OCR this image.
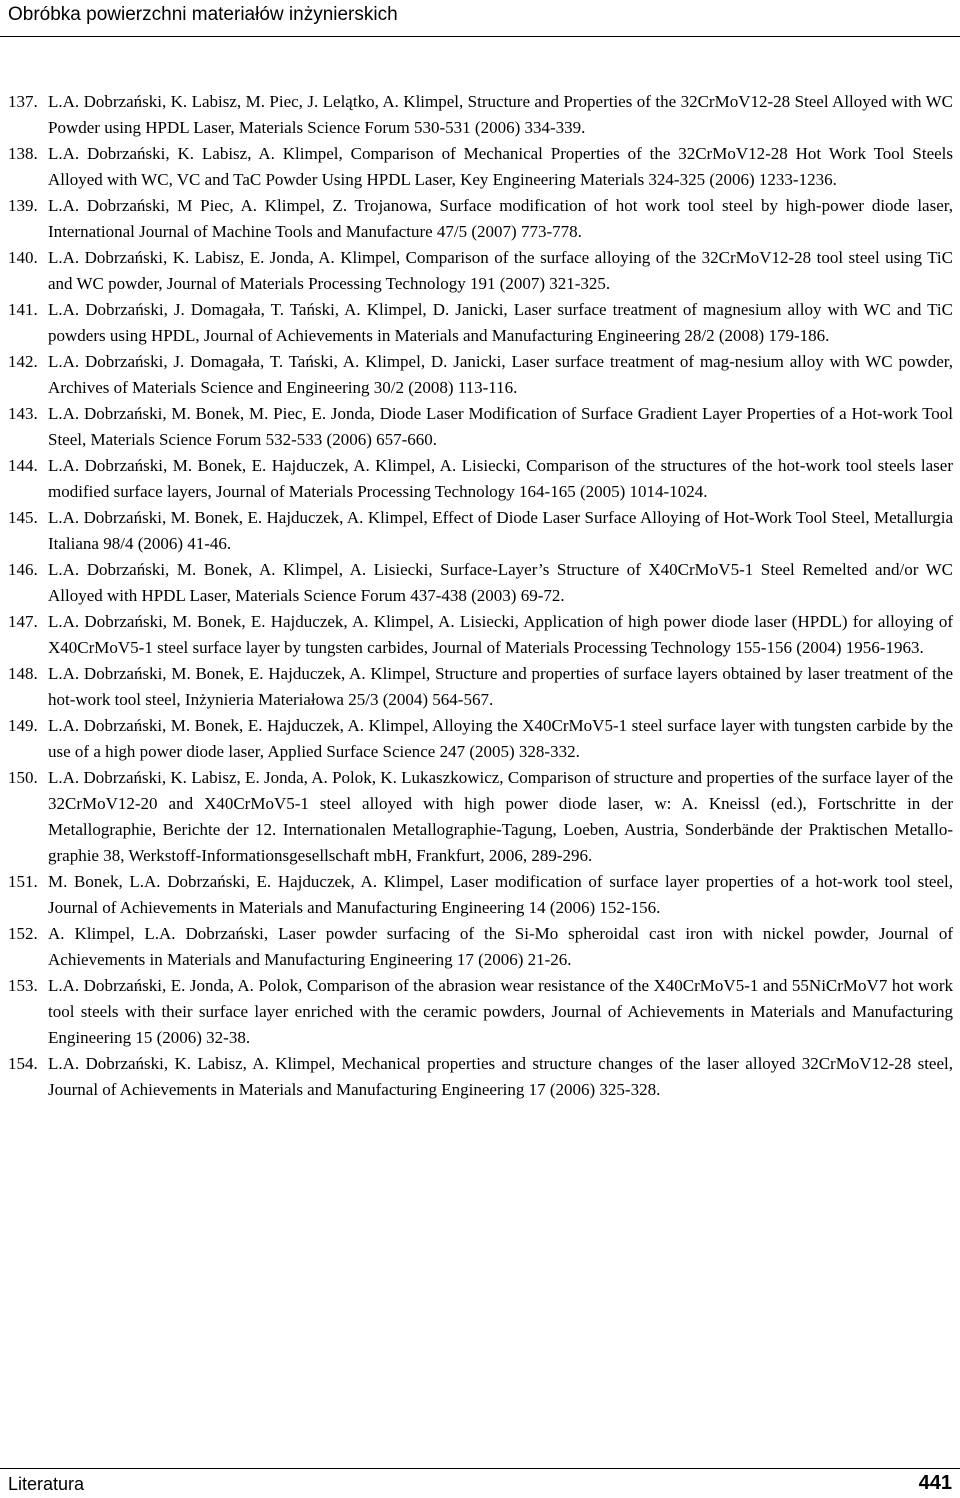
Obróbka powierzchni materiałów inżynierskich
137. L.A. Dobrzański, K. Labisz, M. Piec, J. Lelątko, A. Klimpel, Structure and Properties of the 32CrMoV12-28 Steel Alloyed with WC Powder using HPDL Laser, Materials Science Forum 530-531 (2006) 334-339.
138. L.A. Dobrzański, K. Labisz, A. Klimpel, Comparison of Mechanical Properties of the 32CrMoV12-28 Hot Work Tool Steels Alloyed with WC, VC and TaC Powder Using HPDL Laser, Key Engineering Materials 324-325 (2006) 1233-1236.
139. L.A. Dobrzański, M Piec, A. Klimpel, Z. Trojanowa, Surface modification of hot work tool steel by high-power diode laser, International Journal of Machine Tools and Manufacture 47/5 (2007) 773-778.
140. L.A. Dobrzański, K. Labisz, E. Jonda, A. Klimpel, Comparison of the surface alloying of the 32CrMoV12-28 tool steel using TiC and WC powder, Journal of Materials Processing Technology 191 (2007) 321-325.
141. L.A. Dobrzański, J. Domagała, T. Tański, A. Klimpel, D. Janicki, Laser surface treatment of magnesium alloy with WC and TiC powders using HPDL, Journal of Achievements in Materials and Manufacturing Engineering 28/2 (2008) 179-186.
142. L.A. Dobrzański, J. Domagała, T. Tański, A. Klimpel, D. Janicki, Laser surface treatment of mag-nesium alloy with WC powder, Archives of Materials Science and Engineering 30/2 (2008) 113-116.
143. L.A. Dobrzański, M. Bonek, M. Piec, E. Jonda, Diode Laser Modification of Surface Gradient Layer Properties of a Hot-work Tool Steel, Materials Science Forum 532-533 (2006) 657-660.
144. L.A. Dobrzański, M. Bonek, E. Hajduczek, A. Klimpel, A. Lisiecki, Comparison of the structures of the hot-work tool steels laser modified surface layers, Journal of Materials Processing Technology 164-165 (2005) 1014-1024.
145. L.A. Dobrzański, M. Bonek, E. Hajduczek, A. Klimpel, Effect of Diode Laser Surface Alloying of Hot-Work Tool Steel, Metallurgia Italiana 98/4 (2006) 41-46.
146. L.A. Dobrzański, M. Bonek, A. Klimpel, A. Lisiecki, Surface-Layer’s Structure of X40CrMoV5-1 Steel Remelted and/or WC Alloyed with HPDL Laser, Materials Science Forum 437-438 (2003) 69-72.
147. L.A. Dobrzański, M. Bonek, E. Hajduczek, A. Klimpel, A. Lisiecki, Application of high power diode laser (HPDL) for alloying of X40CrMoV5-1 steel surface layer by tungsten carbides, Journal of Materials Processing Technology 155-156 (2004) 1956-1963.
148. L.A. Dobrzański, M. Bonek, E. Hajduczek, A. Klimpel, Structure and properties of surface layers obtained by laser treatment of the hot-work tool steel, Inżynieria Materiałowa 25/3 (2004) 564-567.
149. L.A. Dobrzański, M. Bonek, E. Hajduczek, A. Klimpel, Alloying the X40CrMoV5-1 steel surface layer with tungsten carbide by the use of a high power diode laser, Applied Surface Science 247 (2005) 328-332.
150. L.A. Dobrzański, K. Labisz, E. Jonda, A. Polok, K. Lukaszkowicz, Comparison of structure and properties of the surface layer of the 32CrMoV12-20 and X40CrMoV5-1 steel alloyed with high power diode laser, w: A. Kneissl (ed.), Fortschritte in der Metallographie, Berichte der 12. Internationalen Metallographie-Tagung, Loeben, Austria, Sonderbände der Praktischen Metallo-graphie 38, Werkstoff-Informationsgesellschaft mbH, Frankfurt, 2006, 289-296.
151. M. Bonek, L.A. Dobrzański, E. Hajduczek, A. Klimpel, Laser modification of surface layer properties of a hot-work tool steel, Journal of Achievements in Materials and Manufacturing Engineering 14 (2006) 152-156.
152. A. Klimpel, L.A. Dobrzański, Laser powder surfacing of the Si-Mo spheroidal cast iron with nickel powder, Journal of Achievements in Materials and Manufacturing Engineering 17 (2006) 21-26.
153. L.A. Dobrzański, E. Jonda, A. Polok, Comparison of the abrasion wear resistance of the X40CrMoV5-1 and 55NiCrMoV7 hot work tool steels with their surface layer enriched with the ceramic powders, Journal of Achievements in Materials and Manufacturing Engineering 15 (2006) 32-38.
154. L.A. Dobrzański, K. Labisz, A. Klimpel, Mechanical properties and structure changes of the laser alloyed 32CrMoV12-28 steel, Journal of Achievements in Materials and Manufacturing Engineering 17 (2006) 325-328.
Literatura	441
